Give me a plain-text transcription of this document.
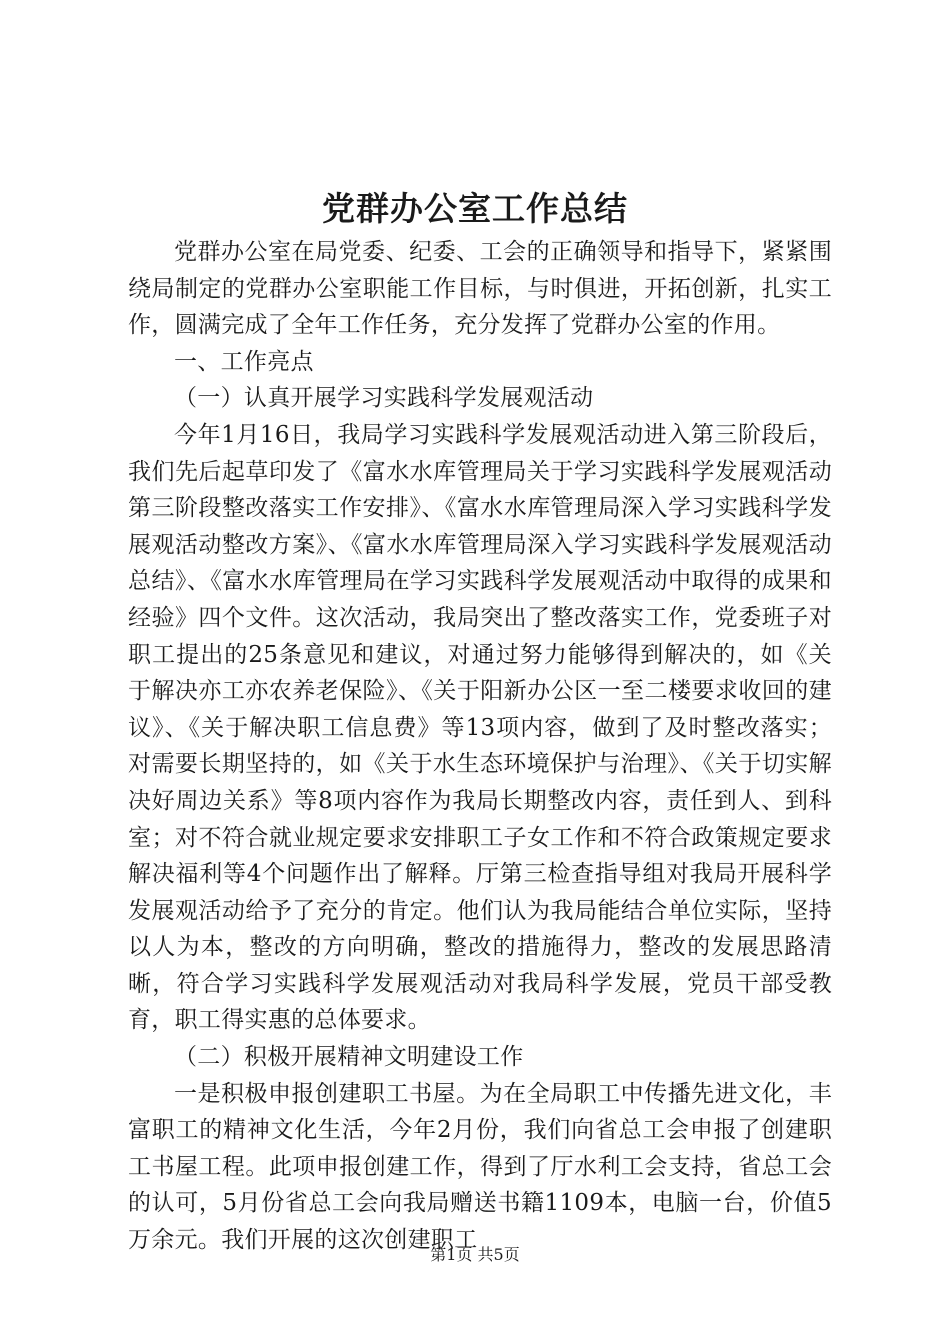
党群办公室工作总结

党群办公室在局党委、纪委、工会的正确领导和指导下，紧紧围绕局制定的党群办公室职能工作目标，与时俱进，开拓创新，扎实工作，圆满完成了全年工作任务，充分发挥了党群办公室的作用。

一、工作亮点

（一）认真开展学习实践科学发展观活动

今年1月16日，我局学习实践科学发展观活动进入第三阶段后，我们先后起草印发了《富水水库管理局关于学习实践科学发展观活动第三阶段整改落实工作安排》、《富水水库管理局深入学习实践科学发展观活动整改方案》、《富水水库管理局深入学习实践科学发展观活动总结》、《富水水库管理局在学习实践科学发展观活动中取得的成果和经验》四个文件。这次活动，我局突出了整改落实工作，党委班子对职工提出的25条意见和建议，对通过努力能够得到解决的，如《关于解决亦工亦农养老保险》、《关于阳新办公区一至二楼要求收回的建议》、《关于解决职工信息费》等13项内容，做到了及时整改落实；对需要长期坚持的，如《关于水生态环境保护与治理》、《关于切实解决好周边关系》等8项内容作为我局长期整改内容，责任到人、到科室；对不符合就业规定要求安排职工子女工作和不符合政策规定要求解决福利等4个问题作出了解释。厅第三检查指导组对我局开展科学发展观活动给予了充分的肯定。他们认为我局能结合单位实际，坚持以人为本，整改的方向明确，整改的措施得力，整改的发展思路清晰，符合学习实践科学发展观活动对我局科学发展，党员干部受教育，职工得实惠的总体要求。

（二）积极开展精神文明建设工作

一是积极申报创建职工书屋。为在全局职工中传播先进文化，丰富职工的精神文化生活，今年2月份，我们向省总工会申报了创建职工书屋工程。此项申报创建工作，得到了厅水利工会支持，省总工会的认可，5月份省总工会向我局赠送书籍1109本，电脑一台，价值5万余元。我们开展的这次创建职工

第1页 共5页
